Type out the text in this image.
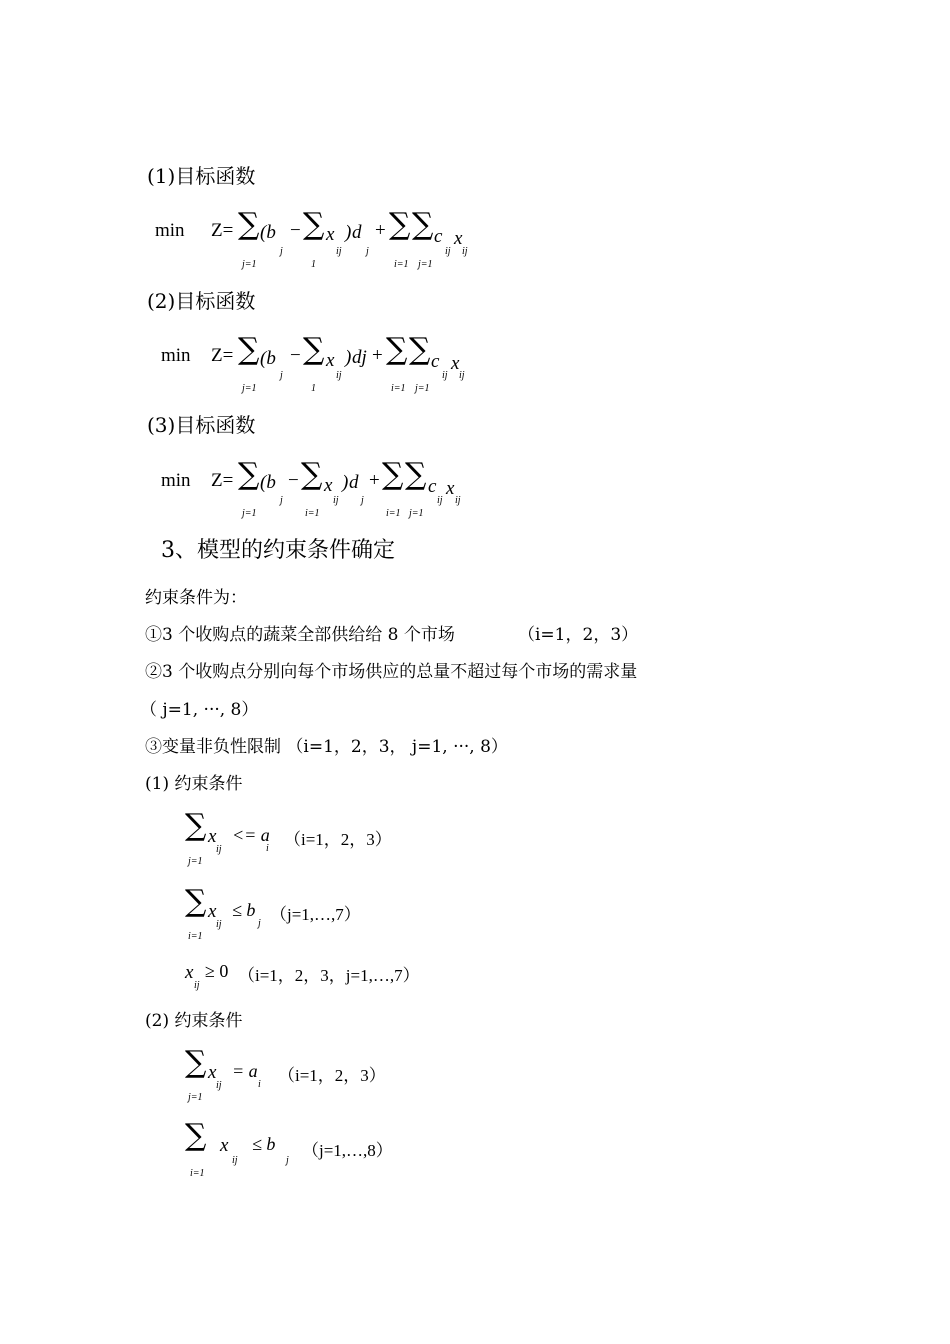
(1)目标函数
min Z= ∑ (b
j
− ∑ x
ij
) d
j
+ ∑ ∑ c
ij
x
ij
j=1	1	i=1 j=1
(2)目标函数
min Z= ∑ (b
j
− ∑ x
ij
) dj + ∑ ∑ c
ij
x
ij
j=1	1	i=1 j=1
(3)目标函数
min Z= ∑ (b
j
− ∑ x
ij
) d
j
+ ∑ ∑ c
ij
x
ij
j=1	i=1	i=1 j=1
3、模型的约束条件确定
约束条件为：
①3 个收购点的蔬菜全部供给给 8 个市场	（i=1，2，3）
②3 个收购点分别向每个市场供应的总量不超过每个市场的需求量
（ j=1, ···, 8）
③变量非负性限制 （i=1，2，3， j=1, ···, 8）
(1) 约束条件
∑ x
ij
<= a
i （i=1，2，3）
j=1
∑ x
ij
≤ b
j （j=1,…,7）
i=1
x
ij
≥ 0 （i=1，2，3，j=1,…,7）
(2) 约束条件
∑ x
ij
= a
i （i=1，2，3）
j=1
∑ x
ij
≤ b
j
（j=1,…,8）
i=1
